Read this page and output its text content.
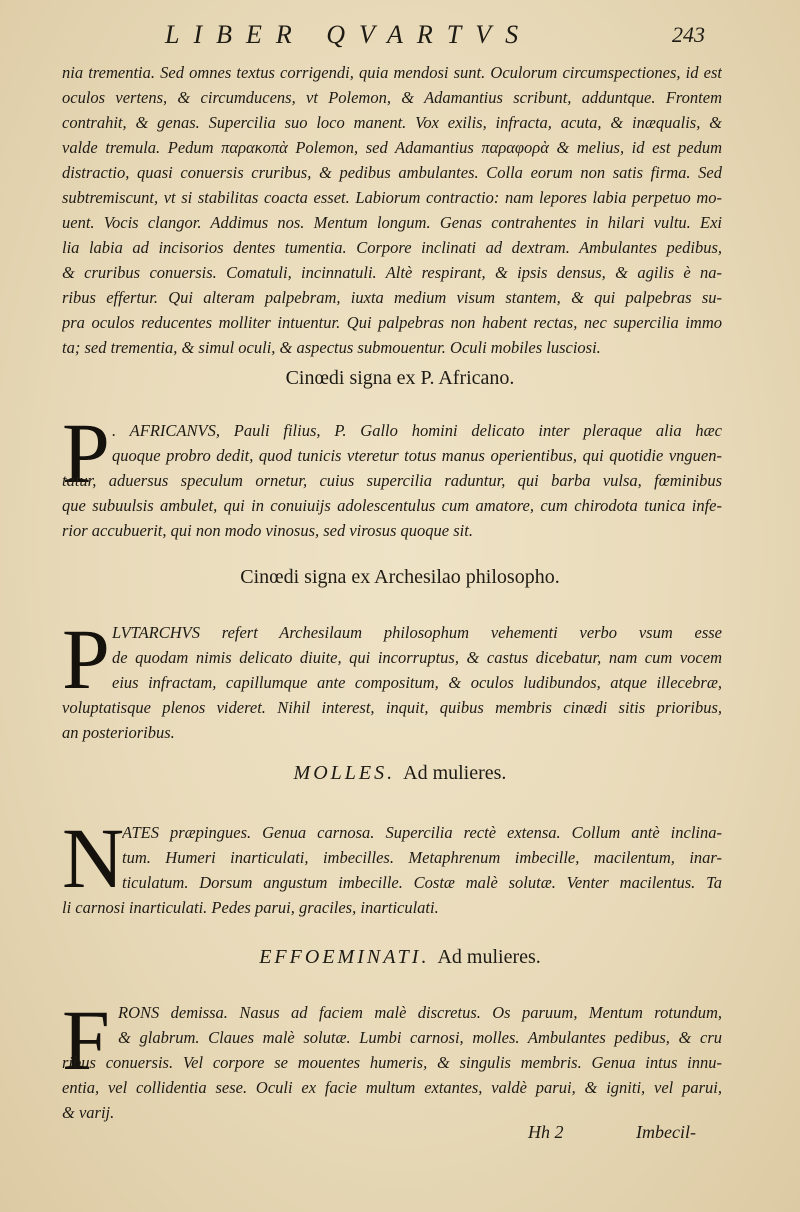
LIBER QVARTVS	243
nia trementia. Sed omnes textus corrigendi, quia mendosi sunt. Oculorum circumspectiones, id est
oculos vertens, & circumducens, vt Polemon, & Adamantius scribunt, adduntque. Frontem
contrahit, & genas. Supercilia suo loco manent. Vox exilis, infracta, acuta, & inæqualis, &
valde tremula. Pedum παρακοπὰ Polemon, sed Adamantius παραφορὰ & melius, id est pedum
distractio, quasi conuersis cruribus, & pedibus ambulantes. Colla eorum non satis firma. Sed
subtremiscunt, vt si stabilitas coacta esset. Labiorum contractio: nam lepores labia perpetuo mo-
uent. Vocis clangor. Addimus nos. Mentum longum. Genas contrahentes in hilari vultu. Exi
lia labia ad incisorios dentes tumentia. Corpore inclinati ad dextram. Ambulantes pedibus,
& cruribus conuersis. Comatuli, incinnatuli. Altè respirant, & ipsis densus, & agilis è na-
ribus effertur. Qui alteram palpebram, iuxta medium visum stantem, & qui palpebras su-
pra oculos reducentes molliter intuentur. Qui palpebras non habent rectas, nec supercilia immo
ta; sed trementia, & simul oculi, & aspectus submouentur. Oculi mobiles lusciosi.
Cinœdi signa ex P. Africano.
P . AFRICANVS, Pauli filius, P. Gallo homini delicato inter pleraque alia hæc
quoque probro dedit, quod tunicis vteretur totus manus operientibus, qui quotidie vnguen-
tatur, aduersus speculum ornetur, cuius supercilia raduntur, qui barba vulsa, fœminibus
que subuulsis ambulet, qui in conuiuijs adolescentulus cum amatore, cum chirodota tunica infe-
rior accubuerit, qui non modo vinosus, sed virosus quoque sit.
Cinœdi signa ex Archesilao philosopho.
P LVTARCHVS refert Archesilaum philosophum vehementi verbo vsum esse
de quodam nimis delicato diuite, qui incorruptus, & castus dicebatur, nam cum vocem
eius infractam, capillumque ante compositum, & oculos ludibundos, atque illecebræ,
voluptatisque plenos videret. Nihil interest, inquit, quibus membris cinædi sitis prioribus,
an posterioribus.
MOLLES. Ad mulieres.
N
ATES præpingues. Genua carnosa. Supercilia rectè extensa. Collum antè inclina-
tum. Humeri inarticulati, imbecilles. Metaphrenum imbecille, macilentum, inar-
ticulatum. Dorsum angustum imbecille. Costæ malè solutæ. Venter macilentus. Ta
li carnosi inarticulati. Pedes parui, graciles, inarticulati.
EFFOEMINATI. Ad mulieres.
F RONS demissa. Nasus ad faciem malè discretus. Os paruum, Mentum rotundum,
& glabrum. Claues malè solutæ. Lumbi carnosi, molles. Ambulantes pedibus, & cru
ribus conuersis. Vel corpore se mouentes humeris, & singulis membris. Genua intus innu-
entia, vel collidentia sese. Oculi ex facie multum extantes, valdè parui, & igniti, vel parui,
& varij.
Hh 2	Imbecil-
